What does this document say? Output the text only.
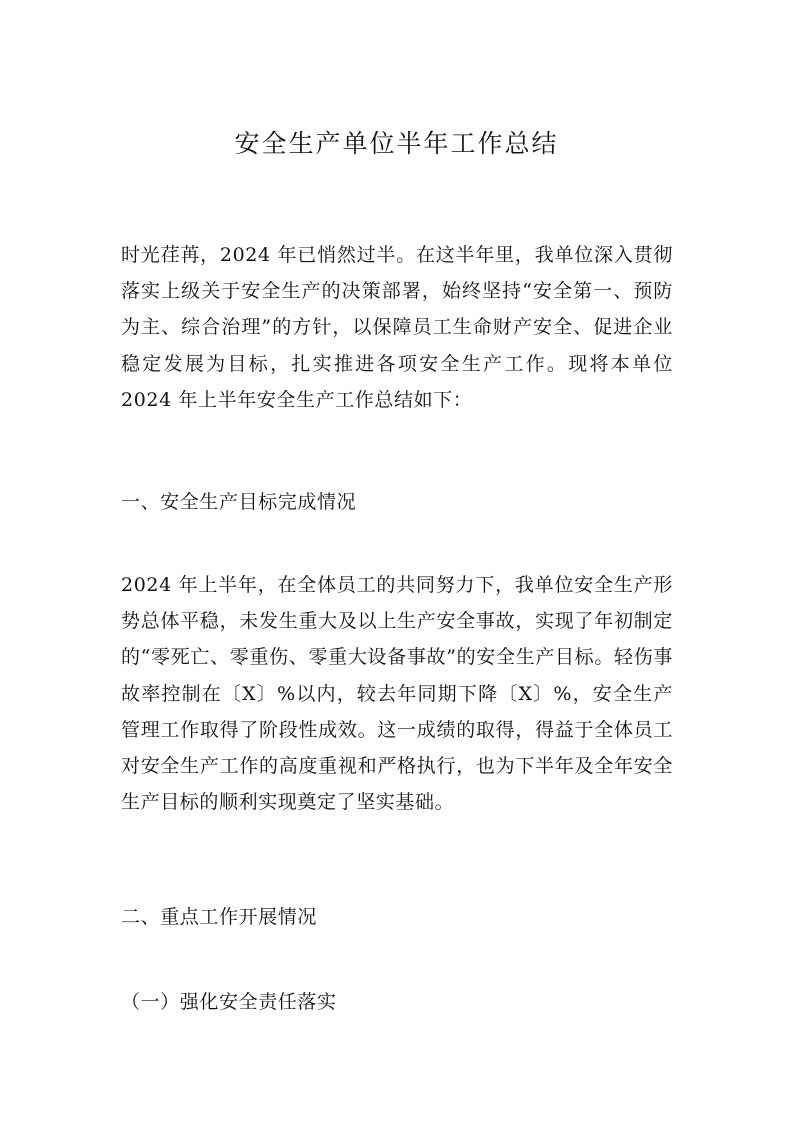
安全生产单位半年工作总结

时光荏苒，2024 年已悄然过半。在这半年里，我单位深入贯彻落实上级关于安全生产的决策部署，始终坚持“安全第一、预防为主、综合治理”的方针，以保障员工生命财产安全、促进企业稳定发展为目标，扎实推进各项安全生产工作。现将本单位 2024 年上半年安全生产工作总结如下：

一、安全生产目标完成情况

2024 年上半年，在全体员工的共同努力下，我单位安全生产形势总体平稳，未发生重大及以上生产安全事故，实现了年初制定的“零死亡、零重伤、零重大设备事故”的安全生产目标。轻伤事故率控制在〔X〕%以内，较去年同期下降〔X〕%，安全生产管理工作取得了阶段性成效。这一成绩的取得，得益于全体员工对安全生产工作的高度重视和严格执行，也为下半年及全年安全生产目标的顺利实现奠定了坚实基础。

二、重点工作开展情况

（一）强化安全责任落实
